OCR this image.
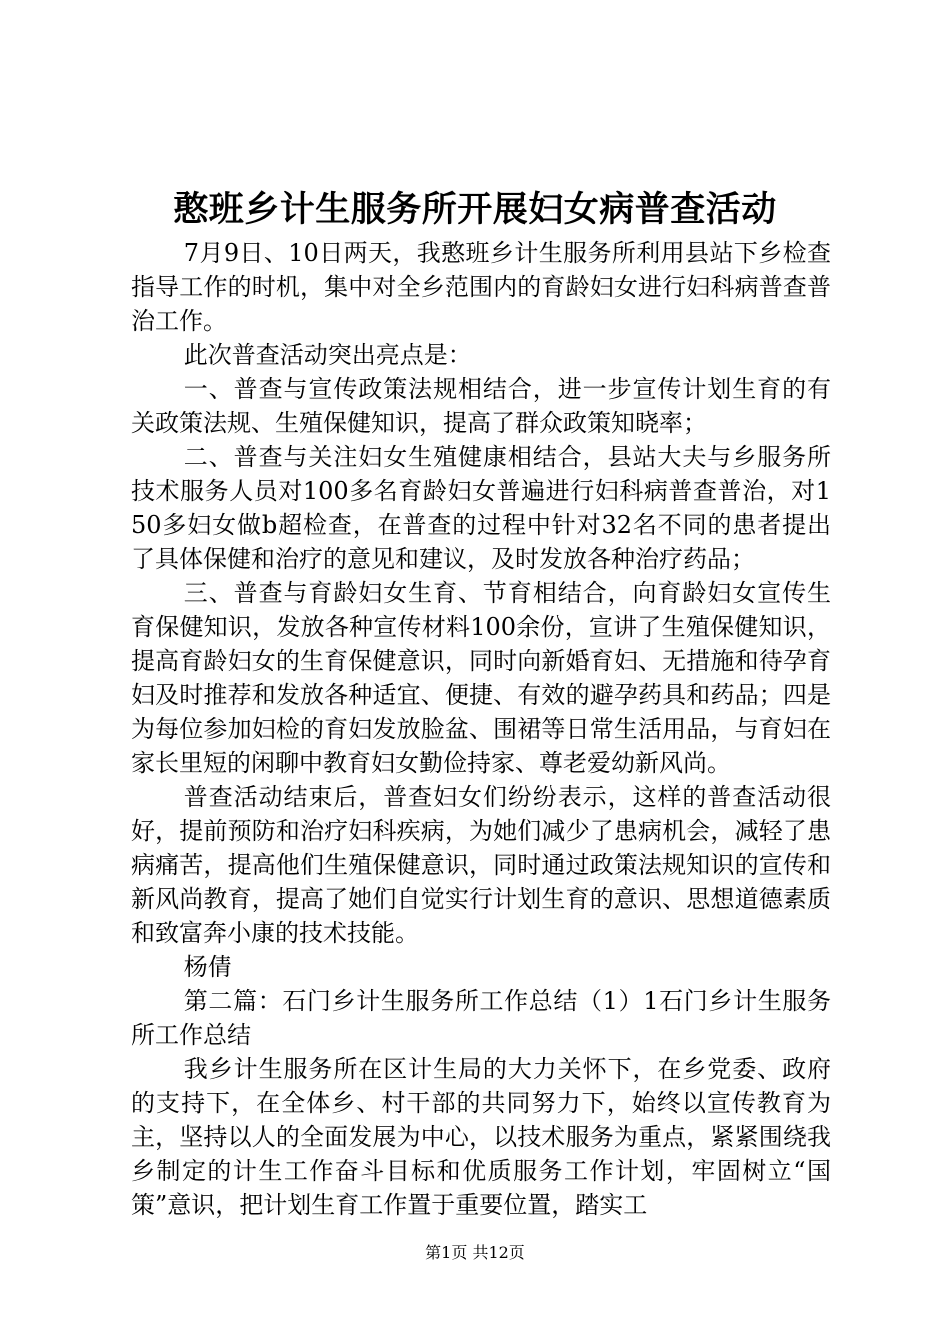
憨班乡计生服务所开展妇女病普查活动

7月9日、10日两天，我憨班乡计生服务所利用县站下乡检查指导工作的时机，集中对全乡范围内的育龄妇女进行妇科病普查普治工作。

此次普查活动突出亮点是：

一、普查与宣传政策法规相结合，进一步宣传计划生育的有关政策法规、生殖保健知识，提高了群众政策知晓率；

二、普查与关注妇女生殖健康相结合，县站大夫与乡服务所技术服务人员对100多名育龄妇女普遍进行妇科病普查普治，对150多妇女做b超检查，在普查的过程中针对32名不同的患者提出了具体保健和治疗的意见和建议，及时发放各种治疗药品；

三、普查与育龄妇女生育、节育相结合，向育龄妇女宣传生育保健知识，发放各种宣传材料100余份，宣讲了生殖保健知识，提高育龄妇女的生育保健意识，同时向新婚育妇、无措施和待孕育妇及时推荐和发放各种适宜、便捷、有效的避孕药具和药品；四是为每位参加妇检的育妇发放脸盆、围裙等日常生活用品，与育妇在家长里短的闲聊中教育妇女勤俭持家、尊老爱幼新风尚。

普查活动结束后，普查妇女们纷纷表示，这样的普查活动很好，提前预防和治疗妇科疾病，为她们减少了患病机会，减轻了患病痛苦，提高他们生殖保健意识，同时通过政策法规知识的宣传和新风尚教育，提高了她们自觉实行计划生育的意识、思想道德素质和致富奔小康的技术技能。

杨倩

第二篇：石门乡计生服务所工作总结（1）1石门乡计生服务所工作总结

我乡计生服务所在区计生局的大力关怀下，在乡党委、政府的支持下，在全体乡、村干部的共同努力下，始终以宣传教育为主，坚持以人的全面发展为中心，以技术服务为重点，紧紧围绕我乡制定的计生工作奋斗目标和优质服务工作计划，牢固树立“国策”意识，把计划生育工作置于重要位置，踏实工

第1页 共12页
